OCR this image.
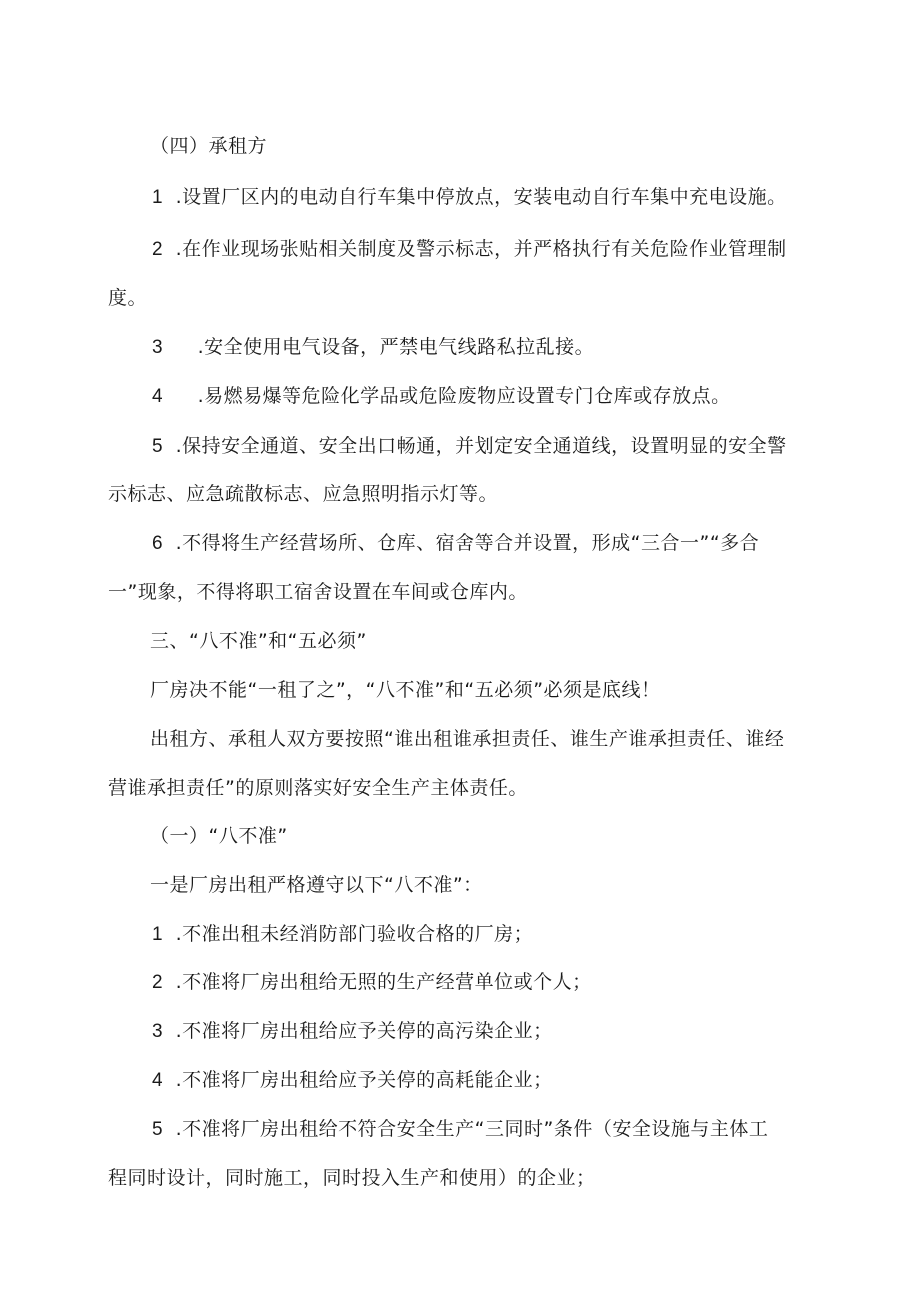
（四）承租方
1 .设置厂区内的电动自行车集中停放点，安装电动自行车集中充电设施。
2 .在作业现场张贴相关制度及警示标志，并严格执行有关危险作业管理制
度。
3 .安全使用电气设备，严禁电气线路私拉乱接。
4 .易燃易爆等危险化学品或危险废物应设置专门仓库或存放点。
5 .保持安全通道、安全出口畅通，并划定安全通道线，设置明显的安全警
示标志、应急疏散标志、应急照明指示灯等。
6 .不得将生产经营场所、仓库、宿舍等合并设置，形成“三合一”“多合
一”现象，不得将职工宿舍设置在车间或仓库内。
三、“八不准”和“五必须”
厂房决不能“一租了之”，“八不准”和“五必须”必须是底线！
出租方、承租人双方要按照“谁出租谁承担责任、谁生产谁承担责任、谁经
营谁承担责任”的原则落实好安全生产主体责任。
（一）“八不准”
一是厂房出租严格遵守以下“八不准”：
1 .不准出租未经消防部门验收合格的厂房；
2 .不准将厂房出租给无照的生产经营单位或个人；
3 .不准将厂房出租给应予关停的高污染企业；
4 .不准将厂房出租给应予关停的高耗能企业；
5 .不准将厂房出租给不符合安全生产“三同时”条件（安全设施与主体工
程同时设计，同时施工，同时投入生产和使用）的企业；
